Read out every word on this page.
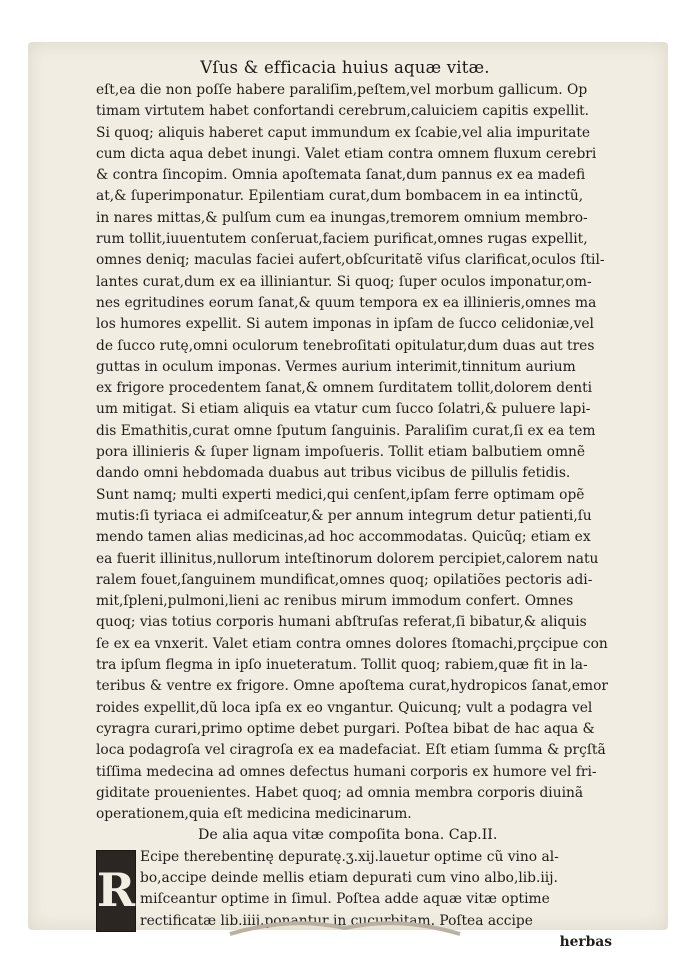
Vſus & efficacia huius aquæ vitæ.
eſt,ea die non poſſe habere paraliſim,peſtem,vel morbum gallicum. Op
timam virtutem habet confortandi cerebrum,caluiciem capitis expellit.
Si quoq; aliquis haberet caput immundum ex ſcabie,vel alia impuritate
cum dicta aqua debet inungi. Valet etiam contra omnem fluxum cerebri
& contra ſincopim. Omnia apoſtemata ſanat,dum pannus ex ea madefi
at,& ſuperimponatur. Epilentiam curat,dum bombacem in ea intinctũ,
in nares mittas,& pulſum cum ea inungas,tremorem omnium membro-
rum tollit,iuuentutem conſeruat,faciem purificat,omnes rugas expellit,
omnes deniq; maculas faciei aufert,obſcuritatẽ viſus clarificat,oculos ſtil-
lantes curat,dum ex ea illiniantur. Si quoq; ſuper oculos imponatur,om-
nes egritudines eorum ſanat,& quum tempora ex ea illinieris,omnes ma
los humores expellit. Si autem imponas in ipſam de ſucco celidoniæ,vel
de ſucco rutę,omni oculorum tenebroſitati opitulatur,dum duas aut tres
guttas in oculum imponas. Vermes aurium interimit,tinnitum aurium
ex frigore procedentem ſanat,& omnem ſurditatem tollit,dolorem denti
um mitigat. Si etiam aliquis ea vtatur cum ſucco ſolatri,& puluere lapi-
dis Emathitis,curat omne ſputum ſanguinis. Paraliſim curat,ſi ex ea tem
pora illinieris & ſuper lignam impoſueris. Tollit etiam balbutiem omnẽ
dando omni hebdomada duabus aut tribus vicibus de pillulis fetidis.
Sunt namq; multi experti medici,qui cenſent,ipſam ferre optimam opẽ
mutis:ſi tyriaca ei admiſceatur,& per annum integrum detur patienti,ſu
mendo tamen alias medicinas,ad hoc accommodatas. Quicũq; etiam ex
ea fuerit illinitus,nullorum inteſtinorum dolorem percipiet,calorem natu
ralem fouet,ſanguinem mundificat,omnes quoq; opilatiões pectoris adi-
mit,ſpleni,pulmoni,lieni ac renibus mirum immodum confert. Omnes
quoq; vias totius corporis humani abſtruſas referat,ſi bibatur,& aliquis
ſe ex ea vnxerit. Valet etiam contra omnes dolores ſtomachi,prçcipue con
tra ipſum flegma in ipſo inueteratum. Tollit quoq; rabiem,quæ fit in la-
teribus & ventre ex frigore. Omne apoſtema curat,hydropicos ſanat,emor
roides expellit,dũ loca ipſa ex eo vngantur. Quicunq; vult a podagra vel
cyragra curari,primo optime debet purgari. Poſtea bibat de hac aqua &
loca podagroſa vel ciragroſa ex ea madefaciat. Eſt etiam ſumma & prçſtã
tiſſima medecina ad omnes defectus humani corporis ex humore vel fri-
giditate prouenientes. Habet quoq; ad omnia membra corporis diuinã
operationem,quia eſt medicina medicinarum.
De alia aqua vitæ compoſita bona. Cap.II.
R
Ecipe therebentinę depuratę.ʒ.xij.lauetur optime cũ vino al-
bo,accipe deinde mellis etiam depurati cum vino albo,lib.iij.
miſceantur optime in ſimul. Poſtea adde aquæ vitæ optime
rectificatæ lib.iiij.ponantur in cucurbitam. Poſtea accipe
herbas
